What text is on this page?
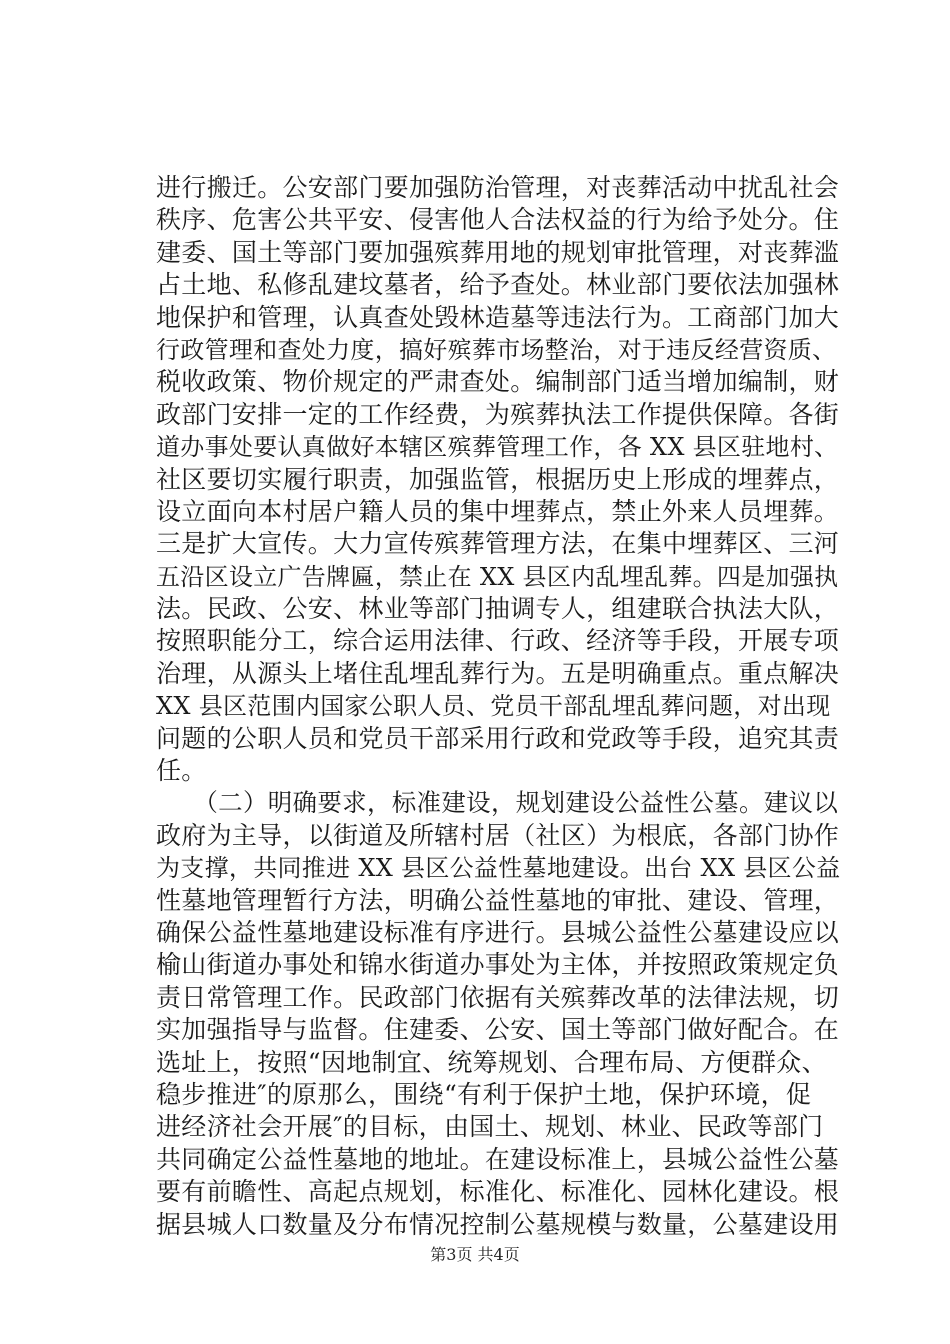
进行搬迁。公安部门要加强防治管理，对丧葬活动中扰乱社会
秩序、危害公共平安、侵害他人合法权益的行为给予处分。住
建委、国土等部门要加强殡葬用地的规划审批管理，对丧葬滥
占土地、私修乱建坟墓者，给予查处。林业部门要依法加强林
地保护和管理，认真查处毁林造墓等违法行为。工商部门加大
行政管理和查处力度，搞好殡葬市场整治，对于违反经营资质、
税收政策、物价规定的严肃查处。编制部门适当增加编制，财
政部门安排一定的工作经费，为殡葬执法工作提供保障。各街
道办事处要认真做好本辖区殡葬管理工作，各 XX 县区驻地村、
社区要切实履行职责，加强监管，根据历史上形成的埋葬点，
设立面向本村居户籍人员的集中埋葬点，禁止外来人员埋葬。
三是扩大宣传。大力宣传殡葬管理方法，在集中埋葬区、三河
五沿区设立广告牌匾，禁止在 XX 县区内乱埋乱葬。四是加强执
法。民政、公安、林业等部门抽调专人，组建联合执法大队，
按照职能分工，综合运用法律、行政、经济等手段，开展专项
治理，从源头上堵住乱埋乱葬行为。五是明确重点。重点解决
XX 县区范围内国家公职人员、党员干部乱埋乱葬问题，对出现
问题的公职人员和党员干部采用行政和党政等手段，追究其责
任。
　　（二）明确要求，标准建设，规划建设公益性公墓。建议以
政府为主导，以街道及所辖村居（社区）为根底，各部门协作
为支撑，共同推进 XX 县区公益性墓地建设。出台 XX 县区公益
性墓地管理暂行方法，明确公益性墓地的审批、建设、管理，
确保公益性墓地建设标准有序进行。县城公益性公墓建设应以
榆山街道办事处和锦水街道办事处为主体，并按照政策规定负
责日常管理工作。民政部门依据有关殡葬改革的法律法规，切
实加强指导与监督。住建委、公安、国土等部门做好配合。在
选址上，按照“因地制宜、统筹规划、合理布局、方便群众、
稳步推进″的原那么，围绕“有利于保护土地，保护环境，促
进经济社会开展″的目标，由国土、规划、林业、民政等部门
共同确定公益性墓地的地址。在建设标准上，县城公益性公墓
要有前瞻性、高起点规划，标准化、标准化、园林化建设。根
据县城人口数量及分布情况控制公墓规模与数量，公墓建设用
第3页 共4页
